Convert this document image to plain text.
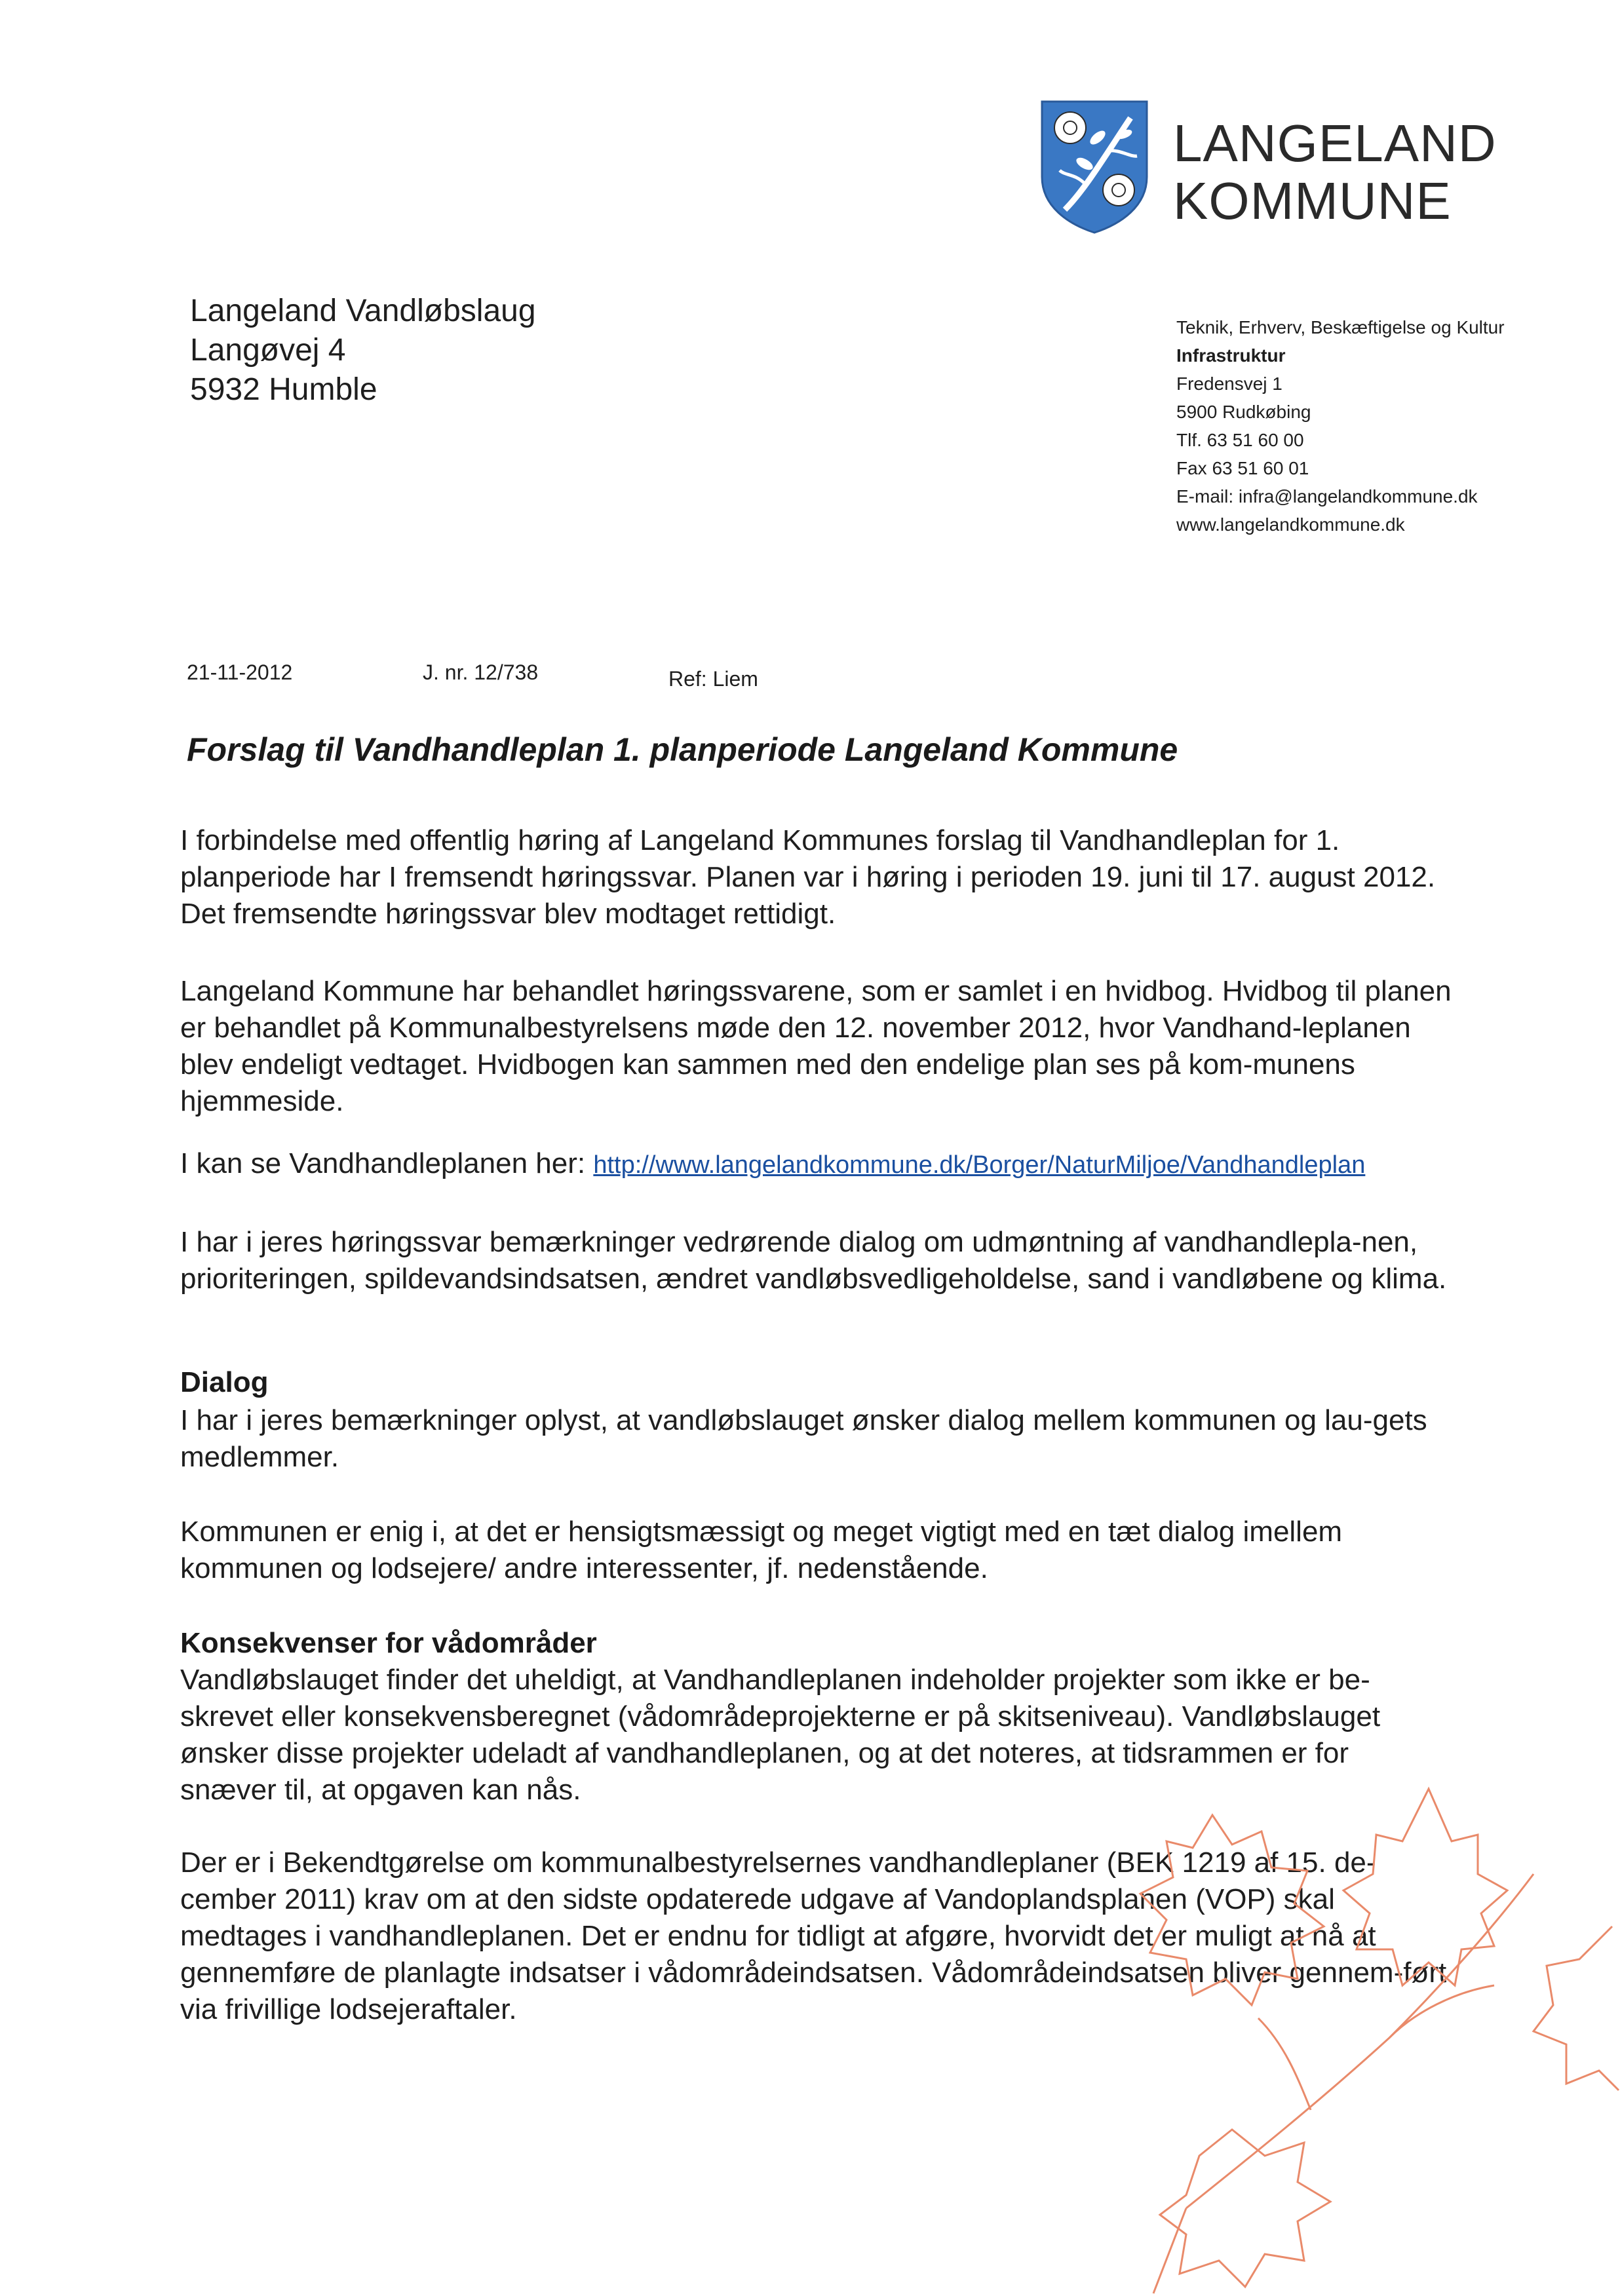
LANGELAND
KOMMUNE
Langeland Vandløbslaug
Langøvej 4
5932 Humble
Teknik, Erhverv, Beskæftigelse og Kultur
Infrastruktur
Fredensvej 1
5900 Rudkøbing
Tlf. 63 51 60 00
Fax 63 51 60 01
E-mail: infra@langelandkommune.dk
www.langelandkommune.dk
21-11-2012	J. nr. 12/738	Ref: Liem
Forslag til Vandhandleplan 1. planperiode Langeland Kommune

I forbindelse med offentlig høring af Langeland Kommunes forslag til Vandhandleplan for 1. planperiode har I fremsendt høringssvar. Planen var i høring i perioden 19. juni til 17. august 2012. Det fremsendte høringssvar blev modtaget rettidigt.

Langeland Kommune har behandlet høringssvarene, som er samlet i en hvidbog. Hvidbog til planen er behandlet på Kommunalbestyrelsens møde den 12. november 2012, hvor Vandhand-leplanen blev endeligt vedtaget. Hvidbogen kan sammen med den endelige plan ses på kom-munens hjemmeside.

I kan se Vandhandleplanen her: http://www.langelandkommune.dk/Borger/NaturMiljoe/Vandhandleplan

I har i jeres høringssvar bemærkninger vedrørende dialog om udmøntning af vandhandlepla-nen, prioriteringen, spildevandsindsatsen, ændret vandløbsvedligeholdelse, sand i vandløbene og klima.

Dialog

I har i jeres bemærkninger oplyst, at vandløbslauget ønsker dialog mellem kommunen og lau-gets medlemmer.

Kommunen er enig i, at det er hensigtsmæssigt og meget vigtigt med en tæt dialog imellem kommunen og lodsejere/ andre interessenter, jf. nedenstående.

Konsekvenser for vådområder

Vandløbslauget finder det uheldigt, at Vandhandleplanen indeholder projekter som ikke er be-skrevet eller konsekvensberegnet (vådområdeprojekterne er på skitseniveau). Vandløbslauget ønsker disse projekter udeladt af vandhandleplanen, og at det noteres, at tidsrammen er for snæver til, at opgaven kan nås.

Der er i Bekendtgørelse om kommunalbestyrelsernes vandhandleplaner (BEK 1219 af 15. de-cember 2011) krav om at den sidste opdaterede udgave af Vandoplandsplanen (VOP) skal medtages i vandhandleplanen. Det er endnu for tidligt at afgøre, hvorvidt det er muligt at nå at gennemføre de planlagte indsatser i vådområdeindsatsen. Vådområdeindsatsen bliver gennem-ført via frivillige lodsejeraftaler.
